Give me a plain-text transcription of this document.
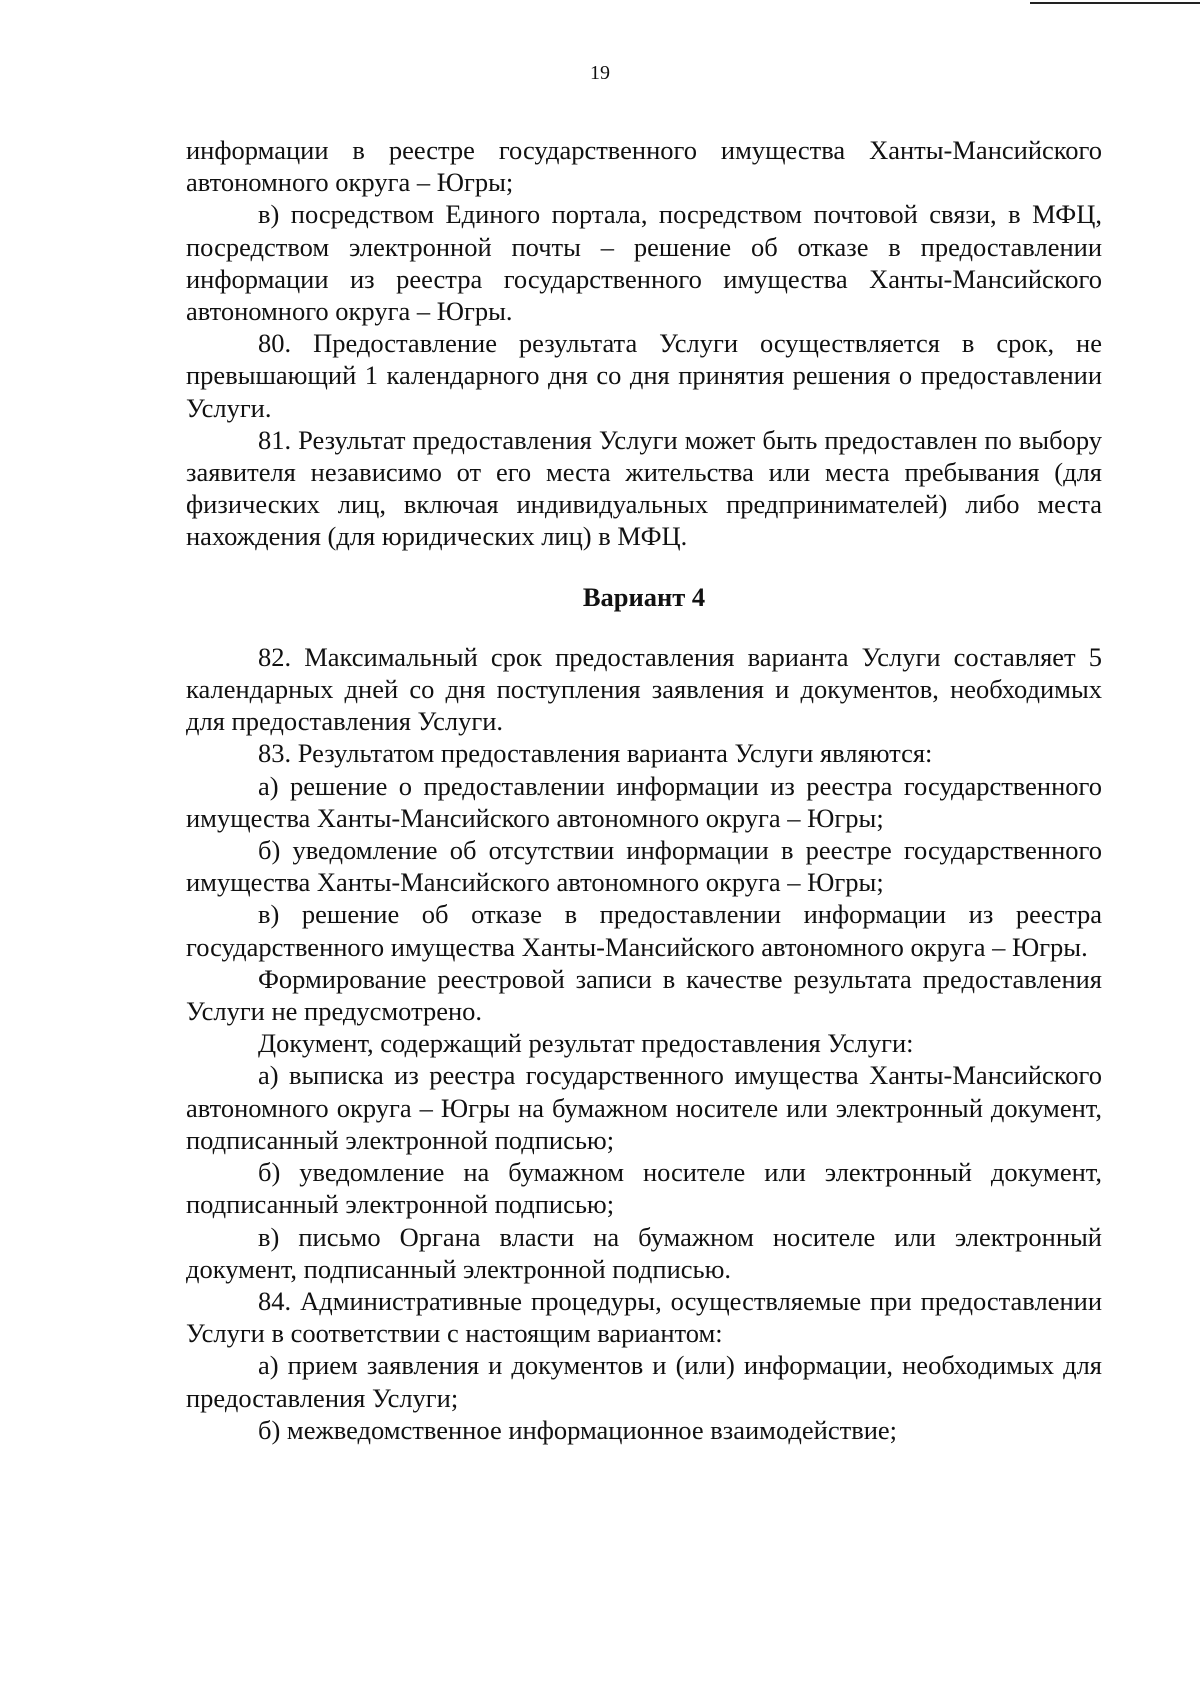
19

информации в реестре государственного имущества Ханты-Мансийского автономного округа – Югры;

в) посредством Единого портала, посредством почтовой связи, в МФЦ, посредством электронной почты – решение об отказе в предоставлении информации из реестра государственного имущества Ханты-Мансийского автономного округа – Югры.

80. Предоставление результата Услуги осуществляется в срок, не превышающий 1 календарного дня со дня принятия решения о предоставлении Услуги.

81. Результат предоставления Услуги может быть предоставлен по выбору заявителя независимо от его места жительства или места пребывания (для физических лиц, включая индивидуальных предпринимателей) либо места нахождения (для юридических лиц) в МФЦ.

Вариант 4

82. Максимальный срок предоставления варианта Услуги составляет 5 календарных дней со дня поступления заявления и документов, необходимых для предоставления Услуги.

83. Результатом предоставления варианта Услуги являются:

а) решение о предоставлении информации из реестра государственного имущества Ханты-Мансийского автономного округа – Югры;

б) уведомление об отсутствии информации в реестре государственного имущества Ханты-Мансийского автономного округа – Югры;

в) решение об отказе в предоставлении информации из реестра государственного имущества Ханты-Мансийского автономного округа – Югры.

Формирование реестровой записи в качестве результата предоставления Услуги не предусмотрено.

Документ, содержащий результат предоставления Услуги:

а) выписка из реестра государственного имущества Ханты-Мансийского автономного округа – Югры на бумажном носителе или электронный документ, подписанный электронной подписью;

б) уведомление на бумажном носителе или электронный документ, подписанный электронной подписью;

в) письмо Органа власти на бумажном носителе или электронный документ, подписанный электронной подписью.

84. Административные процедуры, осуществляемые при предоставлении Услуги в соответствии с настоящим вариантом:

а) прием заявления и документов и (или) информации, необходимых для предоставления Услуги;

б) межведомственное информационное взаимодействие;
